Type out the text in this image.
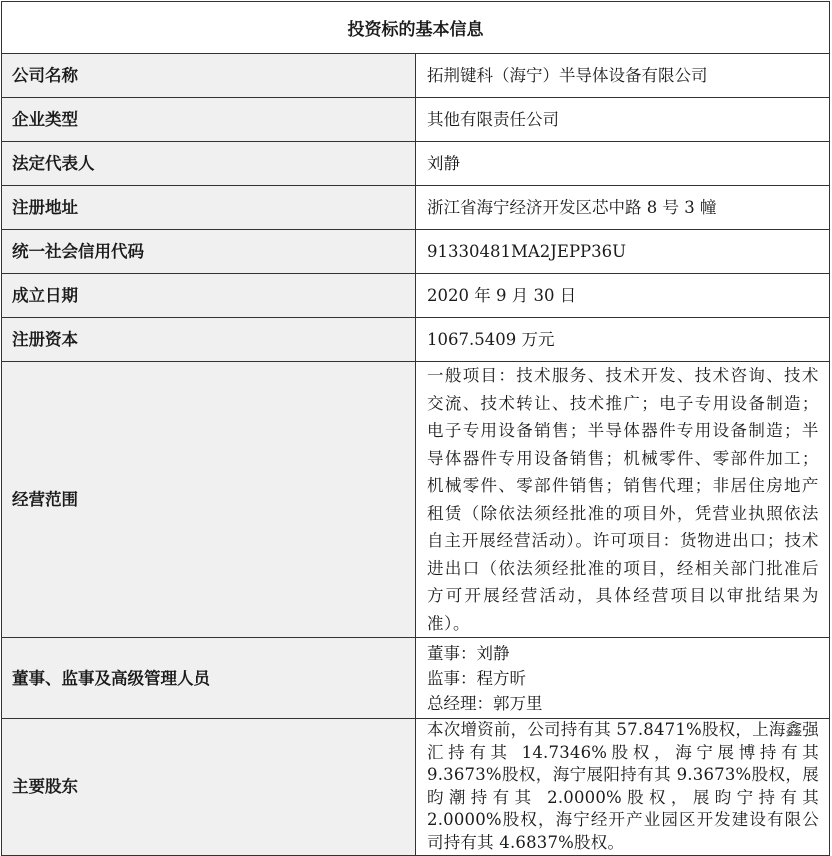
投资标的基本信息	
公司名称	拓荆键科（海宁）半导体设备有限公司
企业类型	其他有限责任公司
法定代表人	刘静
注册地址	浙江省海宁经济开发区芯中路 8 号 3 幢
统一社会信用代码	91330481MA2JEPP36U
成立日期	2020 年 9 月 30 日
注册资本	1067.5409 万元
经营范围	一般项目：技术服务、技术开发、技术咨询、技术交流、技术转让、技术推广；电子专用设备制造；电子专用设备销售；半导体器件专用设备制造；半导体器件专用设备销售；机械零件、零部件加工；机械零件、零部件销售；销售代理；非居住房地产租赁（除依法须经批准的项目外，凭营业执照依法自主开展经营活动）。许可项目：货物进出口；技术进出口（依法须经批准的项目，经相关部门批准后方可开展经营活动，具体经营项目以审批结果为准）。
董事、监事及高级管理人员	董事：刘静
监事：程方昕
总经理：郭万里

主要股东	本次增资前，公司持有其 57.8471%股权，上海鑫强汇持有其 14.7346%股权，海宁展博持有其 9.3673%股权，海宁展阳持有其 9.3673%股权，展昀潮持有其 2.0000%股权，展昀宁持有其 2.0000%股权，海宁经开产业园区开发建设有限公司持有其 4.6837%股权。
